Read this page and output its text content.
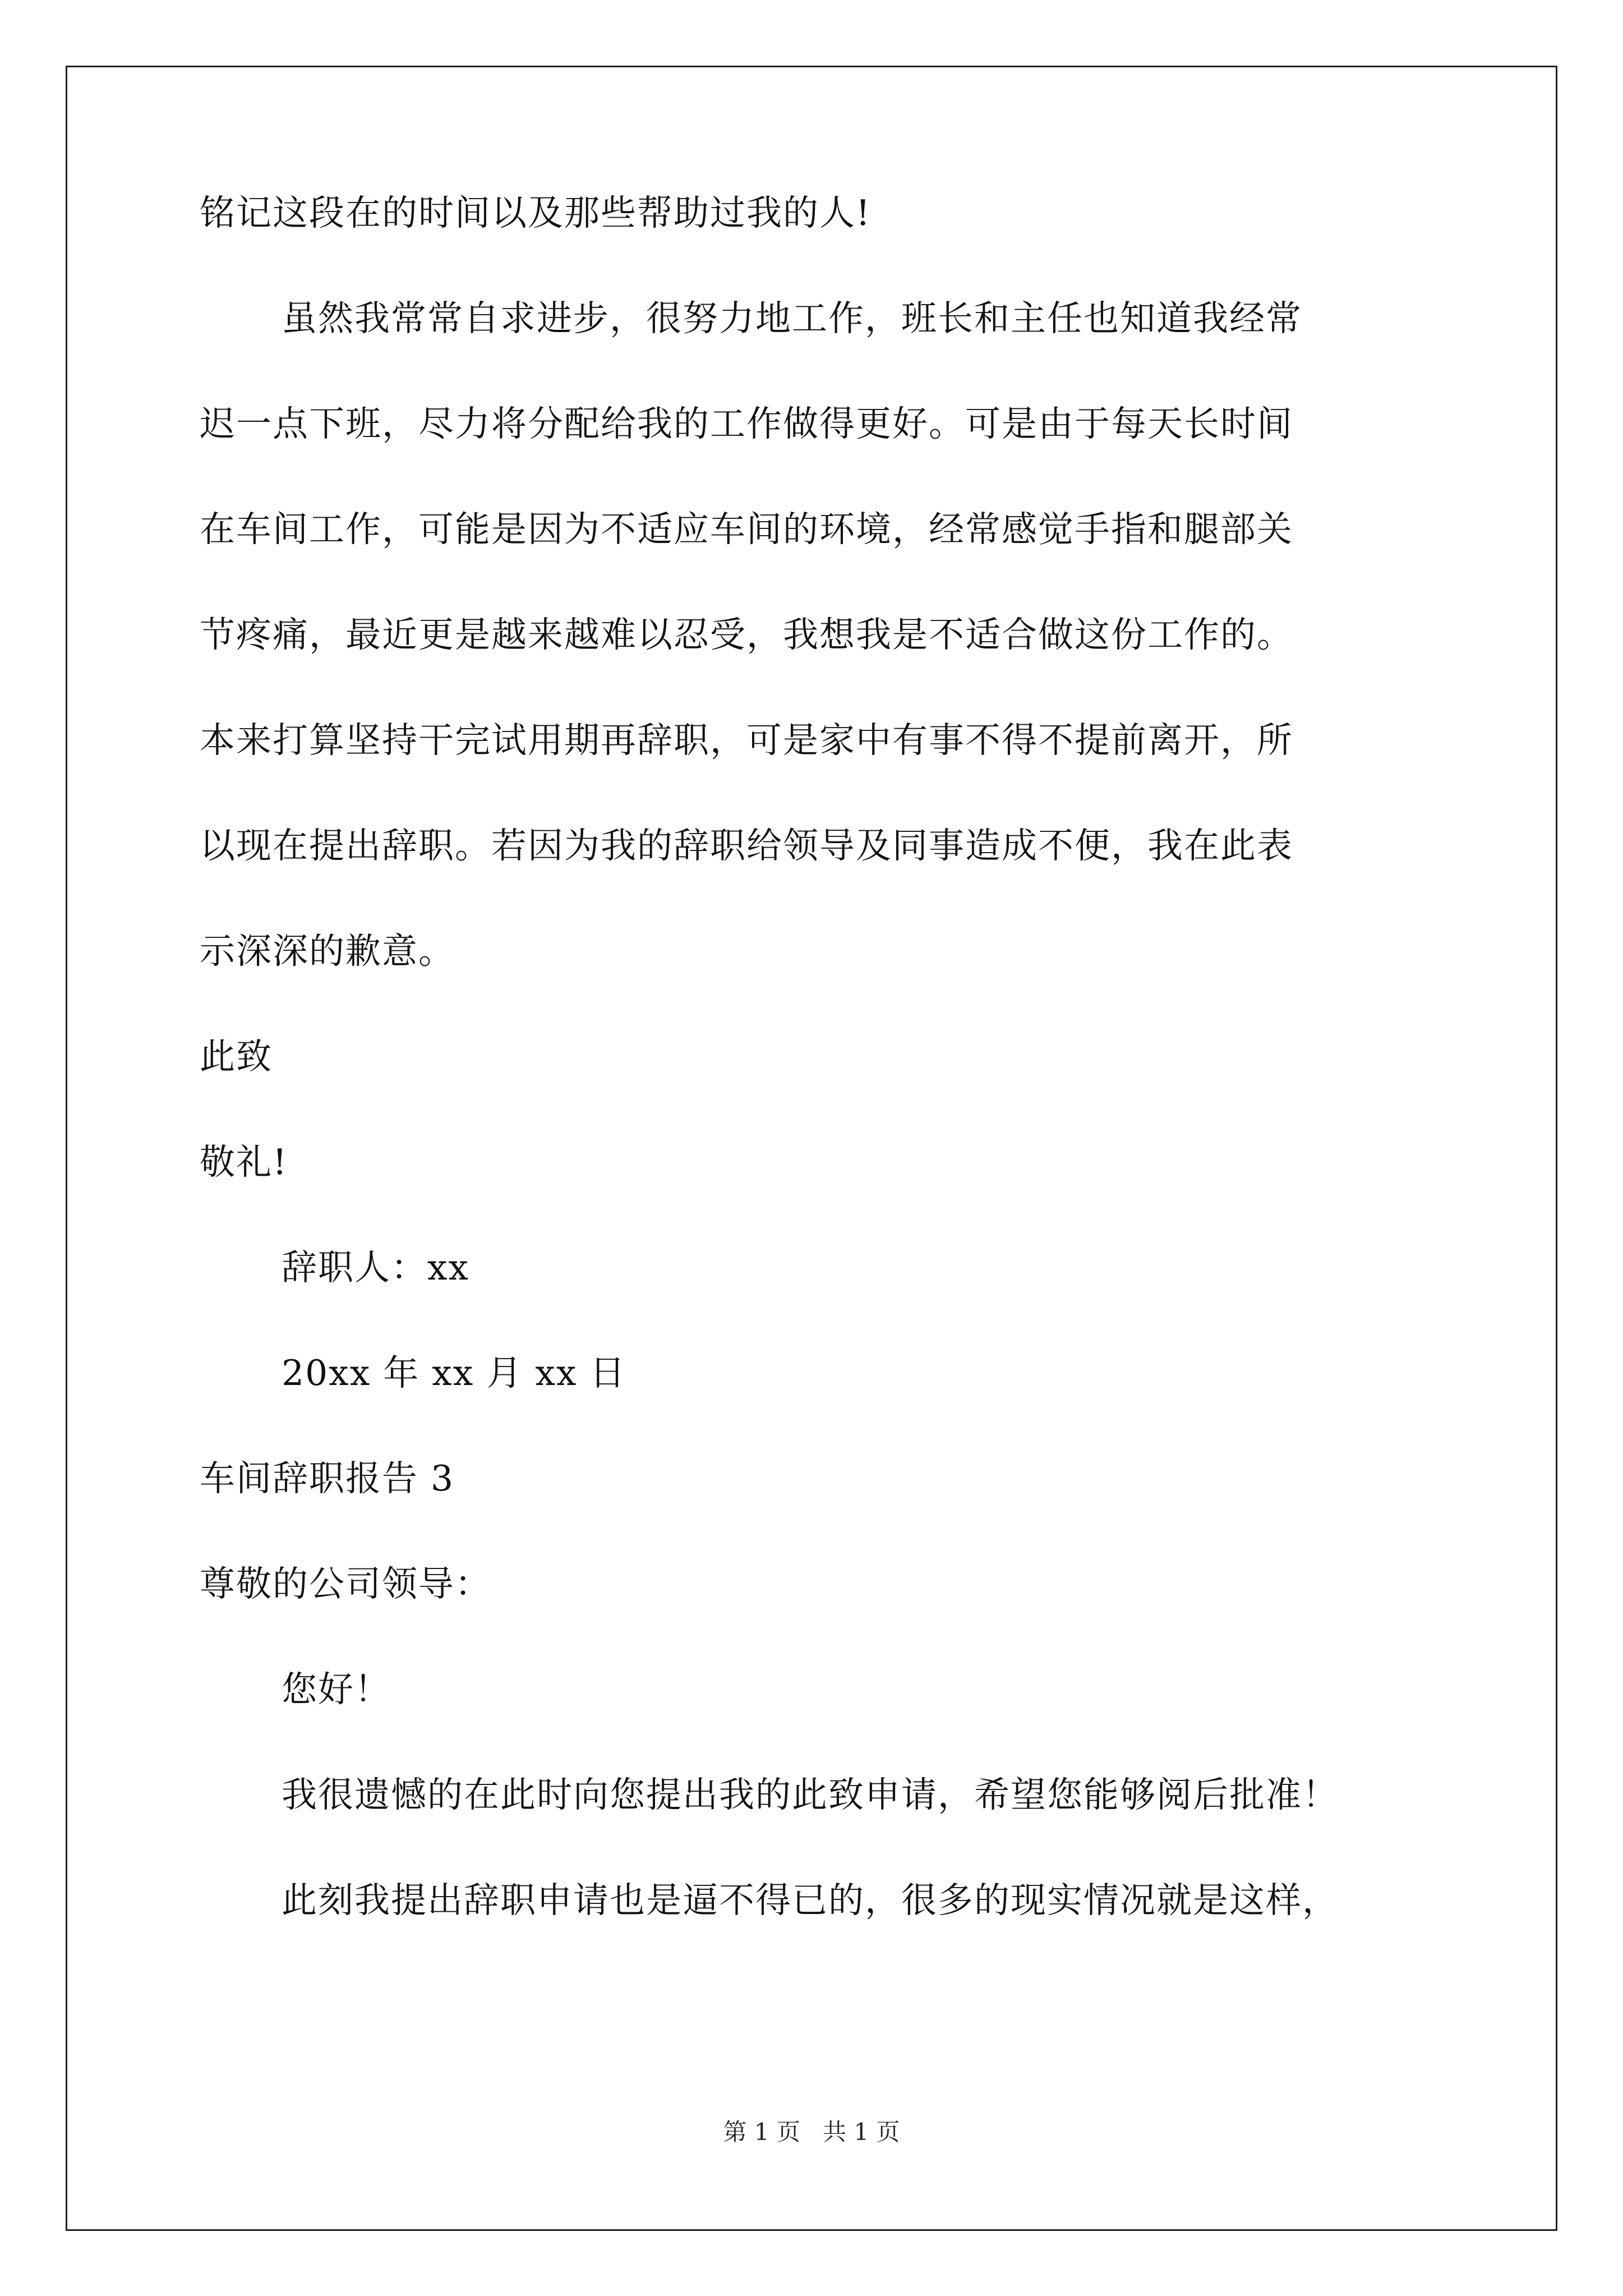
铭记这段在的时间以及那些帮助过我的人!
虽然我常常自求进步，很努力地工作，班长和主任也知道我经常
迟一点下班，尽力将分配给我的工作做得更好。可是由于每天长时间
在车间工作，可能是因为不适应车间的环境，经常感觉手指和腿部关
节疼痛，最近更是越来越难以忍受，我想我是不适合做这份工作的。
本来打算坚持干完试用期再辞职，可是家中有事不得不提前离开，所
以现在提出辞职。若因为我的辞职给领导及同事造成不便，我在此表
示深深的歉意。
此致
敬礼!
辞职人：xx
20xx 年 xx 月 xx 日
车间辞职报告 3
尊敬的公司领导：
您好！
我很遗憾的在此时向您提出我的此致申请，希望您能够阅后批准！
此刻我提出辞职申请也是逼不得已的，很多的现实情况就是这样，
第 1 页   共 1 页
